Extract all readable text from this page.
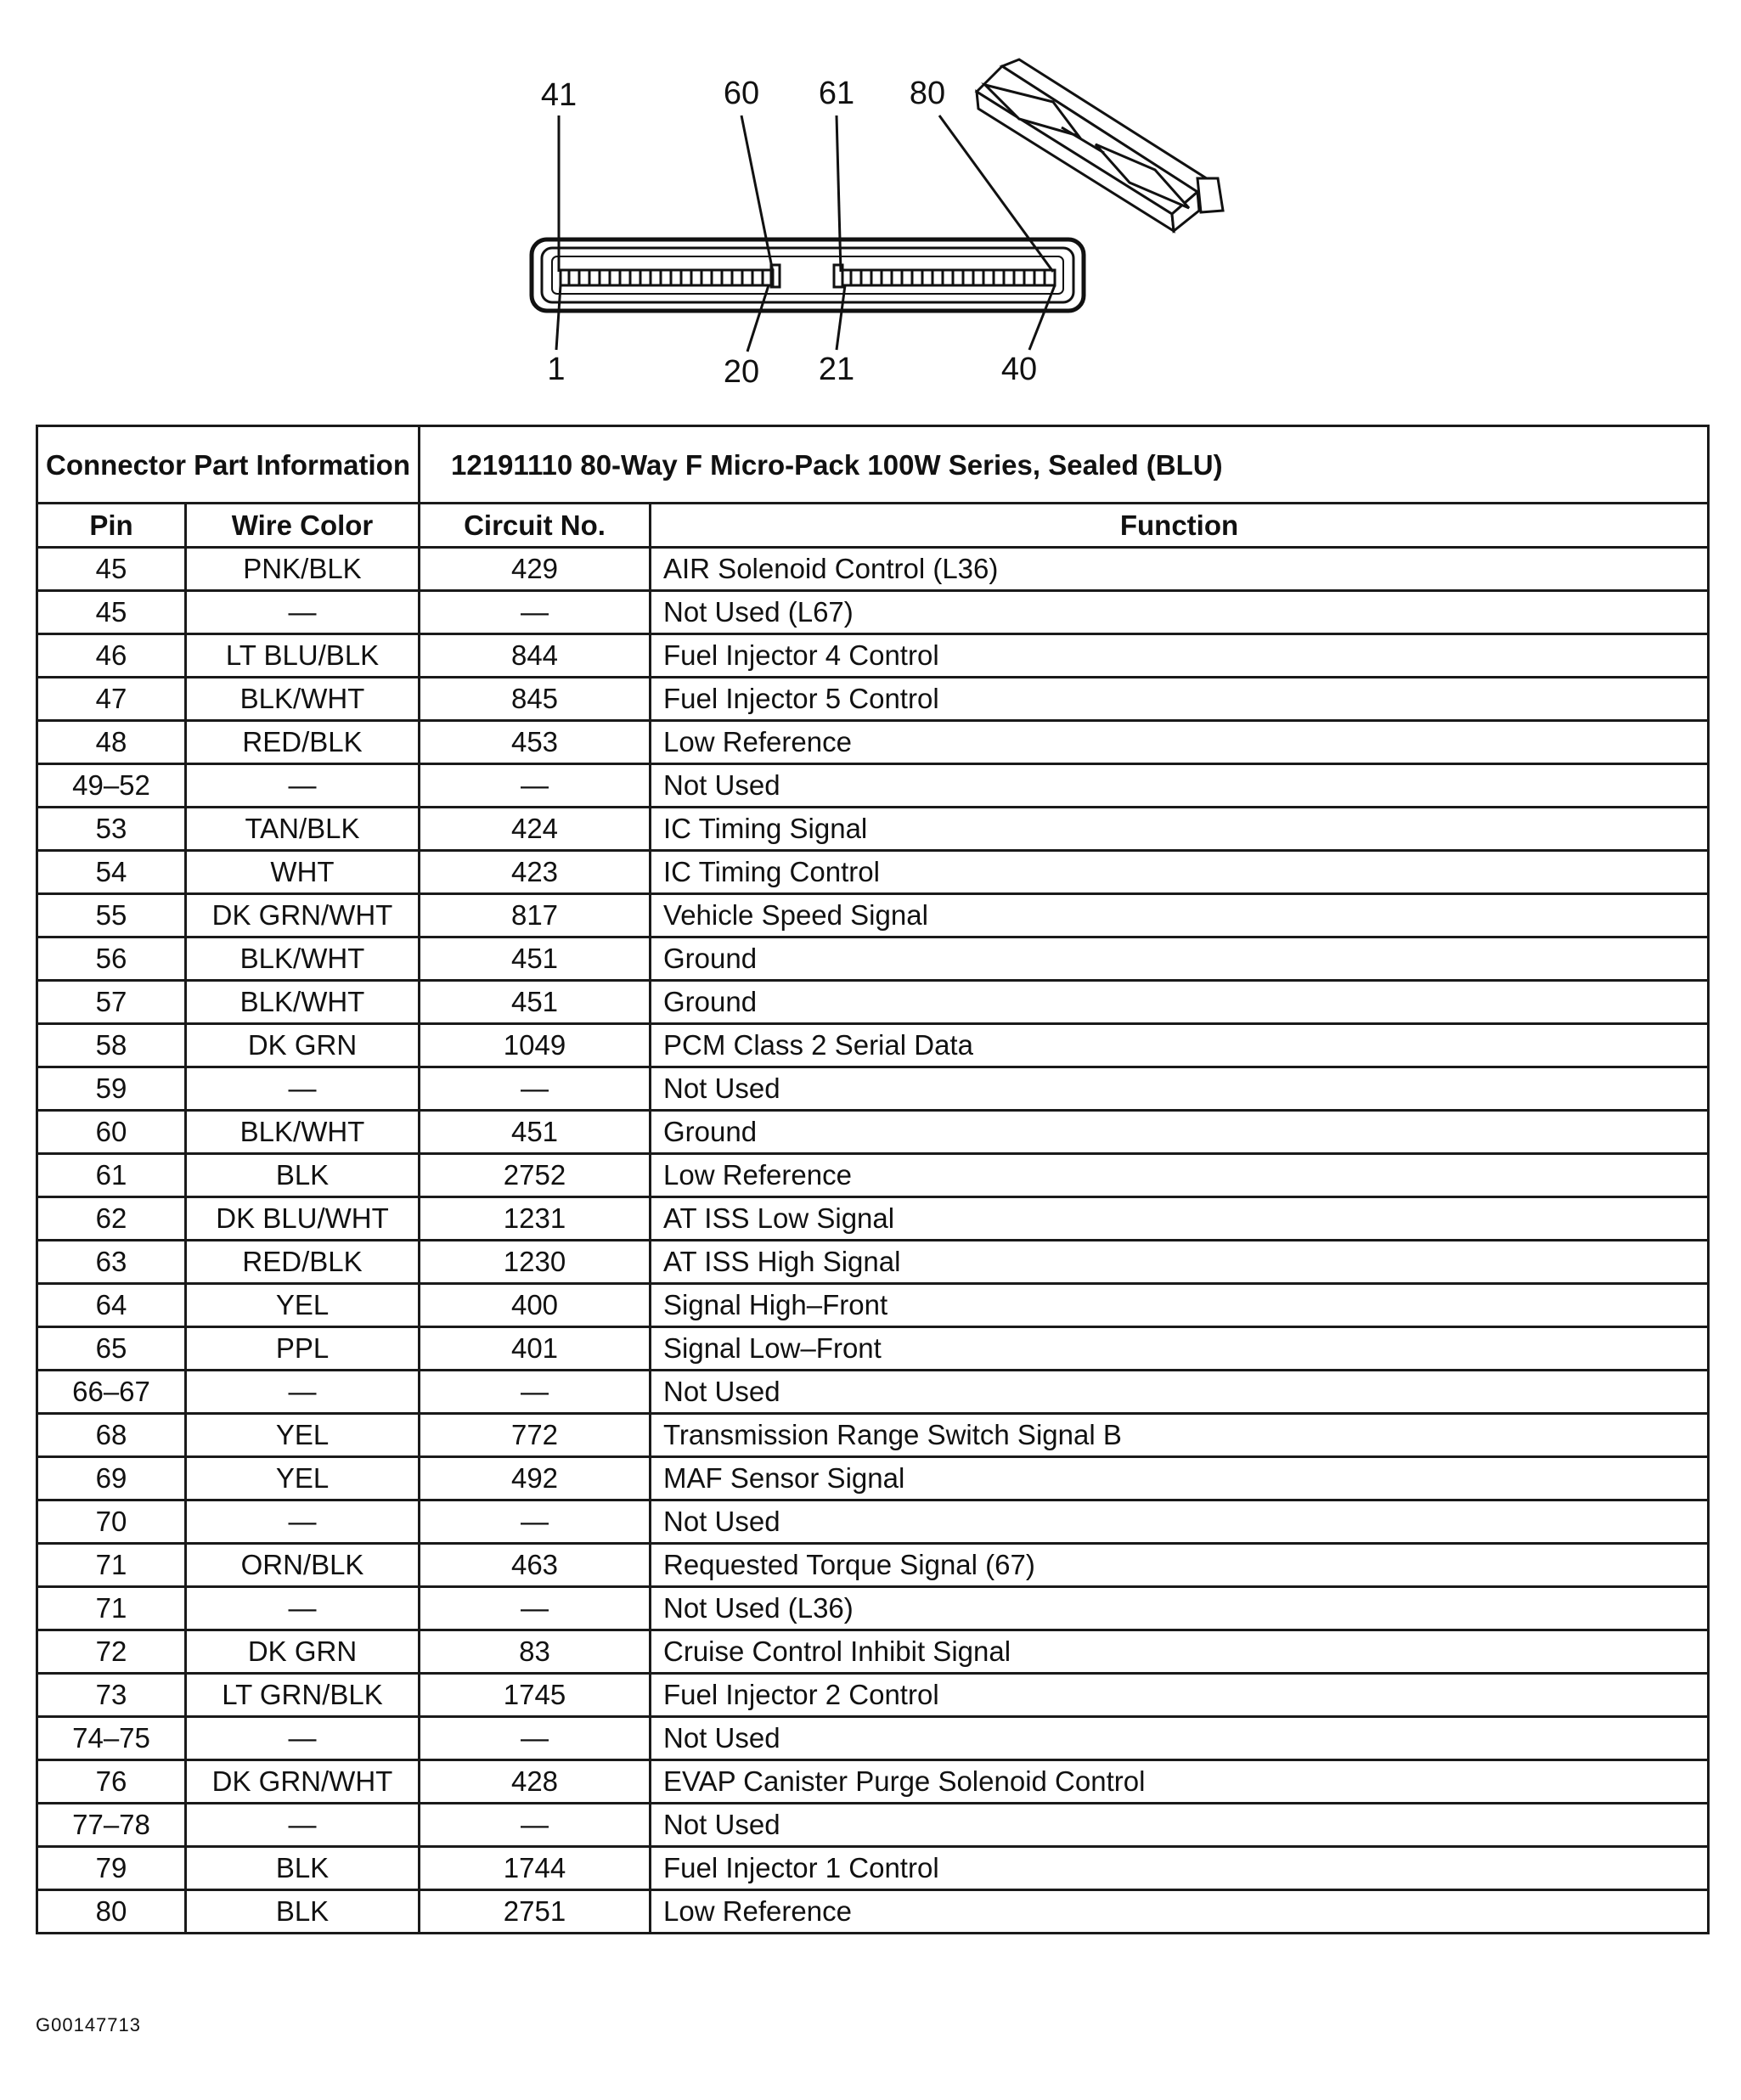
41	60 61 80
1	20 21	40
Connector Part Information		12191110 80-Way F Micro-Pack 100W Series, Sealed (BLU)	
Pin	Wire Color	Circuit No.	Function
45	PNK/BLK	429	AIR Solenoid Control (L36)
45	—	—	Not Used (L67)
46	LT BLU/BLK	844	Fuel Injector 4 Control
47	BLK/WHT	845	Fuel Injector 5 Control
48	RED/BLK	453	Low Reference
49–52	—	—	Not Used
53	TAN/BLK	424	IC Timing Signal
54	WHT	423	IC Timing Control
55	DK GRN/WHT	817	Vehicle Speed Signal
56	BLK/WHT	451	Ground
57	BLK/WHT	451	Ground
58	DK GRN	1049	PCM Class 2 Serial Data
59	—	—	Not Used
60	BLK/WHT	451	Ground
61	BLK	2752	Low Reference
62	DK BLU/WHT	1231	AT ISS Low Signal
63	RED/BLK	1230	AT ISS High Signal
64	YEL	400	Signal High–Front
65	PPL	401	Signal Low–Front
66–67	—	—	Not Used
68	YEL	772	Transmission Range Switch Signal B
69	YEL	492	MAF Sensor Signal
70	—	—	Not Used
71	ORN/BLK	463	Requested Torque Signal (67)
71	—	—	Not Used (L36)
72	DK GRN	83	Cruise Control Inhibit Signal
73	LT GRN/BLK	1745	Fuel Injector 2 Control
74–75	—	—	Not Used
76	DK GRN/WHT	428	EVAP Canister Purge Solenoid Control
77–78	—	—	Not Used
79	BLK	1744	Fuel Injector 1 Control
80	BLK	2751	Low Reference
G00147713
